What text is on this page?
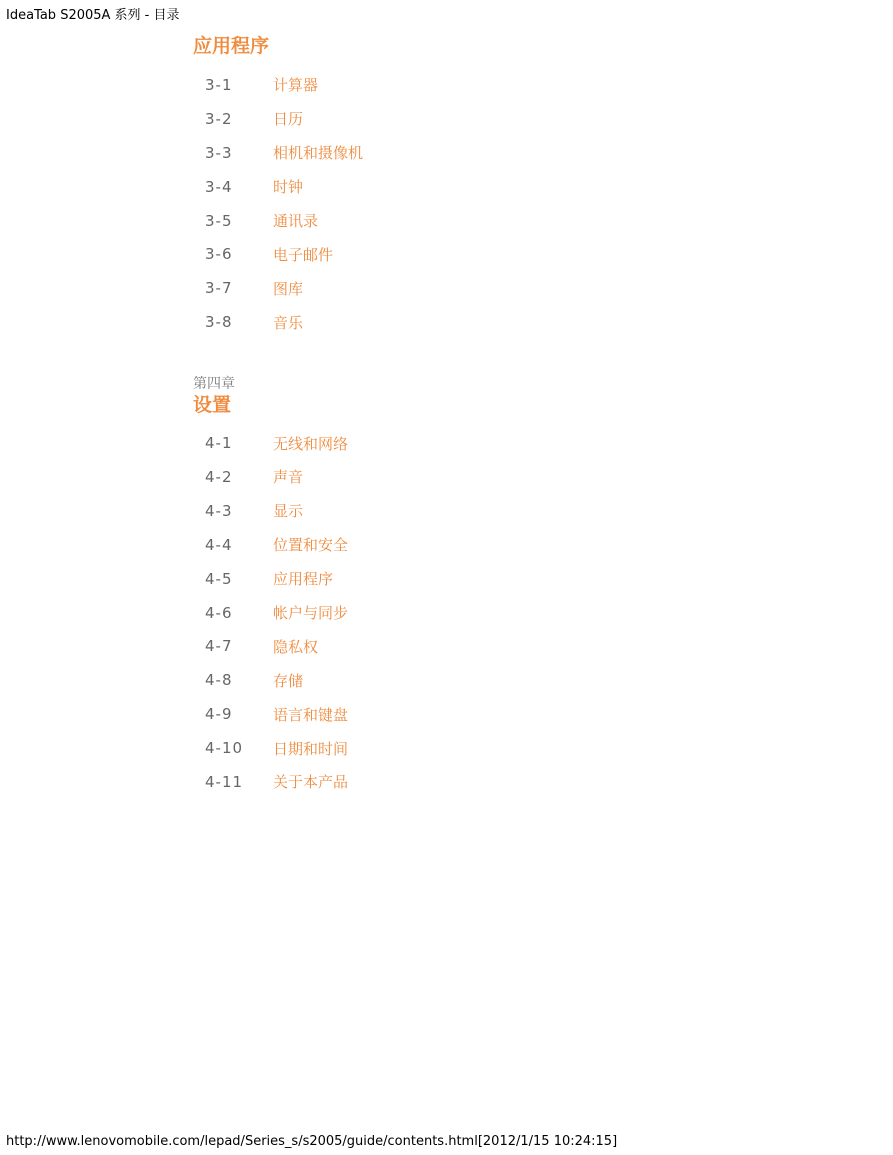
IdeaTab S2005A 系列 - 目录
应用程序
3-1	计算器
3-2	日历
3-3	相机和摄像机
3-4	时钟
3-5	通讯录
3-6	电子邮件
3-7	图库
3-8	音乐
第四章
设置
4-1	无线和网络
4-2	声音
4-3	显示
4-4	位置和安全
4-5	应用程序
4-6	帐户与同步
4-7	隐私权
4-8	存储
4-9	语言和键盘
4-10	日期和时间
4-11	关于本产品
http://www.lenovomobile.com/lepad/Series_s/s2005/guide/contents.html[2012/1/15 10:24:15]
